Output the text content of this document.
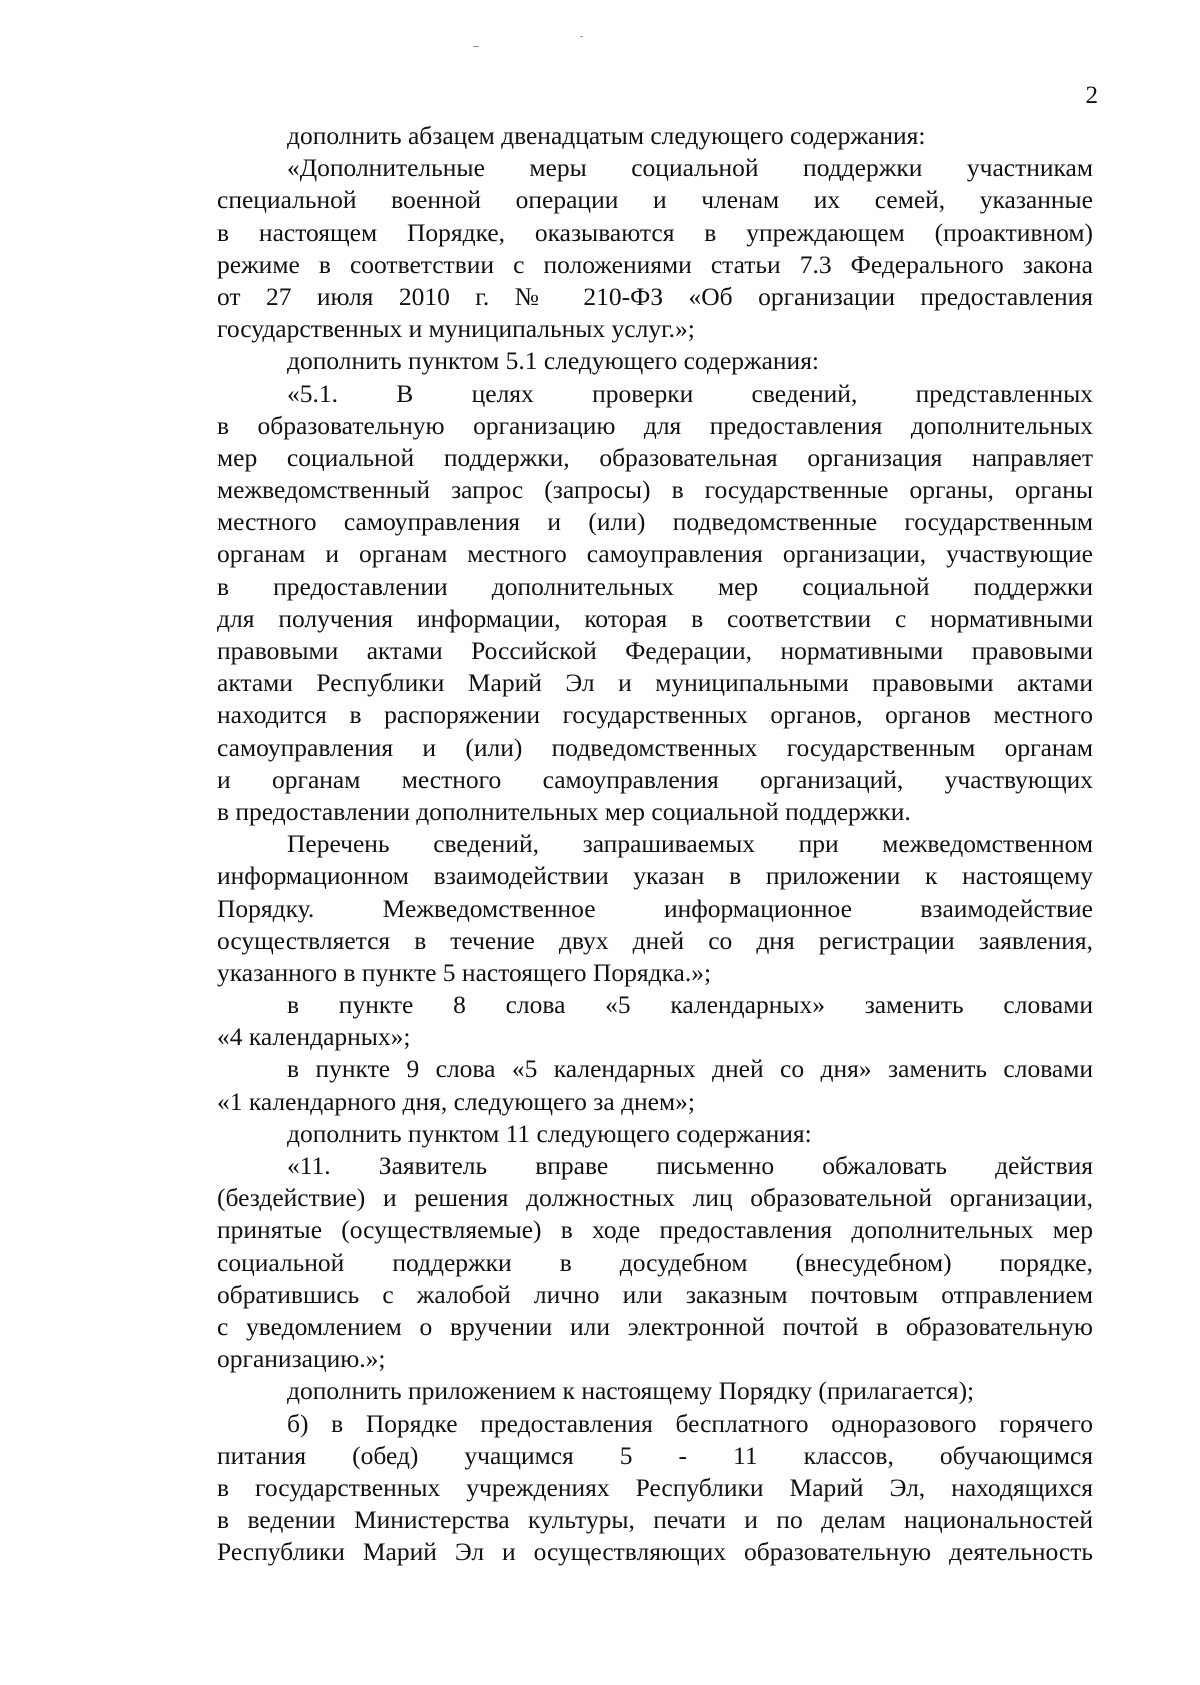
2
дополнить абзацем двенадцатым следующего содержания:
«Дополнительные меры социальной поддержки участникам
специальной военной операции и членам их семей, указанные
в настоящем Порядке, оказываются в упреждающем (проактивном)
режиме в соответствии с положениями статьи 7.3 Федерального закона
от 27 июля 2010 г. № 210-ФЗ «Об организации предоставления
государственных и муниципальных услуг.»;
дополнить пунктом 5.1 следующего содержания:
«5.1. В целях проверки сведений, представленных
в образовательную организацию для предоставления дополнительных
мер социальной поддержки, образовательная организация направляет
межведомственный запрос (запросы) в государственные органы, органы
местного самоуправления и (или) подведомственные государственным
органам и органам местного самоуправления организации, участвующие
в предоставлении дополнительных мер социальной поддержки
для получения информации, которая в соответствии с нормативными
правовыми актами Российской Федерации, нормативными правовыми
актами Республики Марий Эл и муниципальными правовыми актами
находится в распоряжении государственных органов, органов местного
самоуправления и (или) подведомственных государственным органам
и органам местного самоуправления организаций, участвующих
в предоставлении дополнительных мер социальной поддержки.
Перечень сведений, запрашиваемых при межведомственном
информационном взаимодействии указан в приложении к настоящему
Порядку. Межведомственное информационное взаимодействие
осуществляется в течение двух дней со дня регистрации заявления,
указанного в пункте 5 настоящего Порядка.»;
в пункте 8 слова «5 календарных» заменить словами
«4 календарных»;
в пункте 9 слова «5 календарных дней со дня» заменить словами
«1 календарного дня, следующего за днем»;
дополнить пунктом 11 следующего содержания:
«11. Заявитель вправе письменно обжаловать действия
(бездействие) и решения должностных лиц образовательной организации,
принятые (осуществляемые) в ходе предоставления дополнительных мер
социальной поддержки в досудебном (внесудебном) порядке,
обратившись с жалобой лично или заказным почтовым отправлением
с уведомлением о вручении или электронной почтой в образовательную
организацию.»;
дополнить приложением к настоящему Порядку (прилагается);
б) в Порядке предоставления бесплатного одноразового горячего
питания (обед) учащимся 5 - 11 классов, обучающимся
в государственных учреждениях Республики Марий Эл, находящихся
в ведении Министерства культуры, печати и по делам национальностей
Республики Марий Эл и осуществляющих образовательную деятельность
